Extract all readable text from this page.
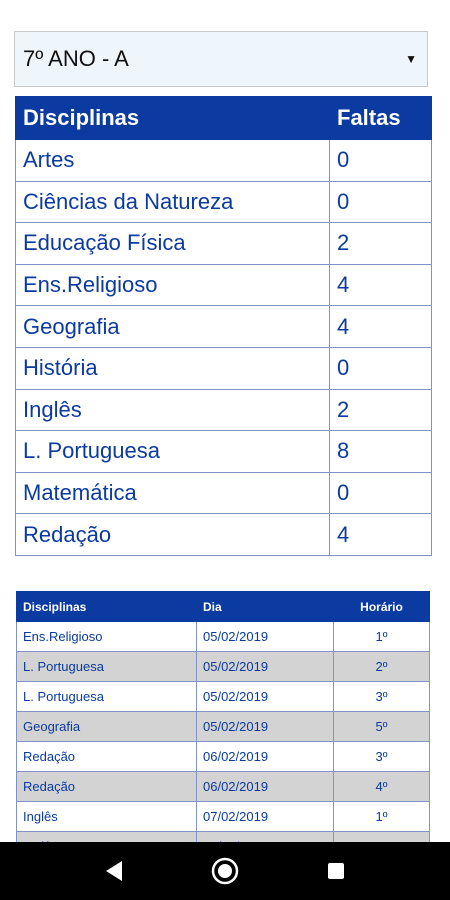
7º ANO - A	▼
Disciplinas	Faltas
Artes	0
Ciências da Natureza	0
Educação Física	2
Ens.Religioso	4
Geografia	4
História	0
Inglês	2
L. Portuguesa	8
Matemática	0
Redação	4
Disciplinas	Dia	Horário
Ens.Religioso	05/02/2019	1º
L. Portuguesa	05/02/2019	2º
L. Portuguesa	05/02/2019	3º
Geografia	05/02/2019	5º
Redação	06/02/2019	3º
Redação	06/02/2019	4º
Inglês	07/02/2019	1º
